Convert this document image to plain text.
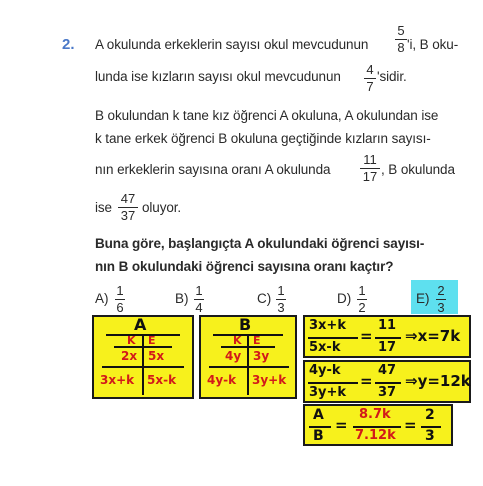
2. A okulunda erkeklerin sayısı okul mevcudunun
5
8 'i, B oku-
lunda ise kızların sayısı okul mevcudunun 4
7
'sidir.
B okulundan k tane kız öğrenci A okuluna, A okulundan ise
k tane erkek öğrenci B okuluna geçtiğinde kızların sayısı-
nın erkeklerin sayısına oranı A okulunda
11
17 , B okulunda
ise
47
37
oluyor.
Buna göre, başlangıçta A okulundaki öğrenci sayısı-
nın B okulundaki öğrenci sayısına oranı kaçtır?
A)
1
6
B)
1
4
C)
1
3
D)
1
2
E)
2
3
A
K E
2x 5x
3x+k 5x-k
B
K E
4y 3y
4y-k 3y+k
3x+k
5x-k
=
11
17
⇒x=7k
4y-k
3y+k
=
47
37
⇒y=12k
A
B
=
8.7k
7.12k
=
2
3
